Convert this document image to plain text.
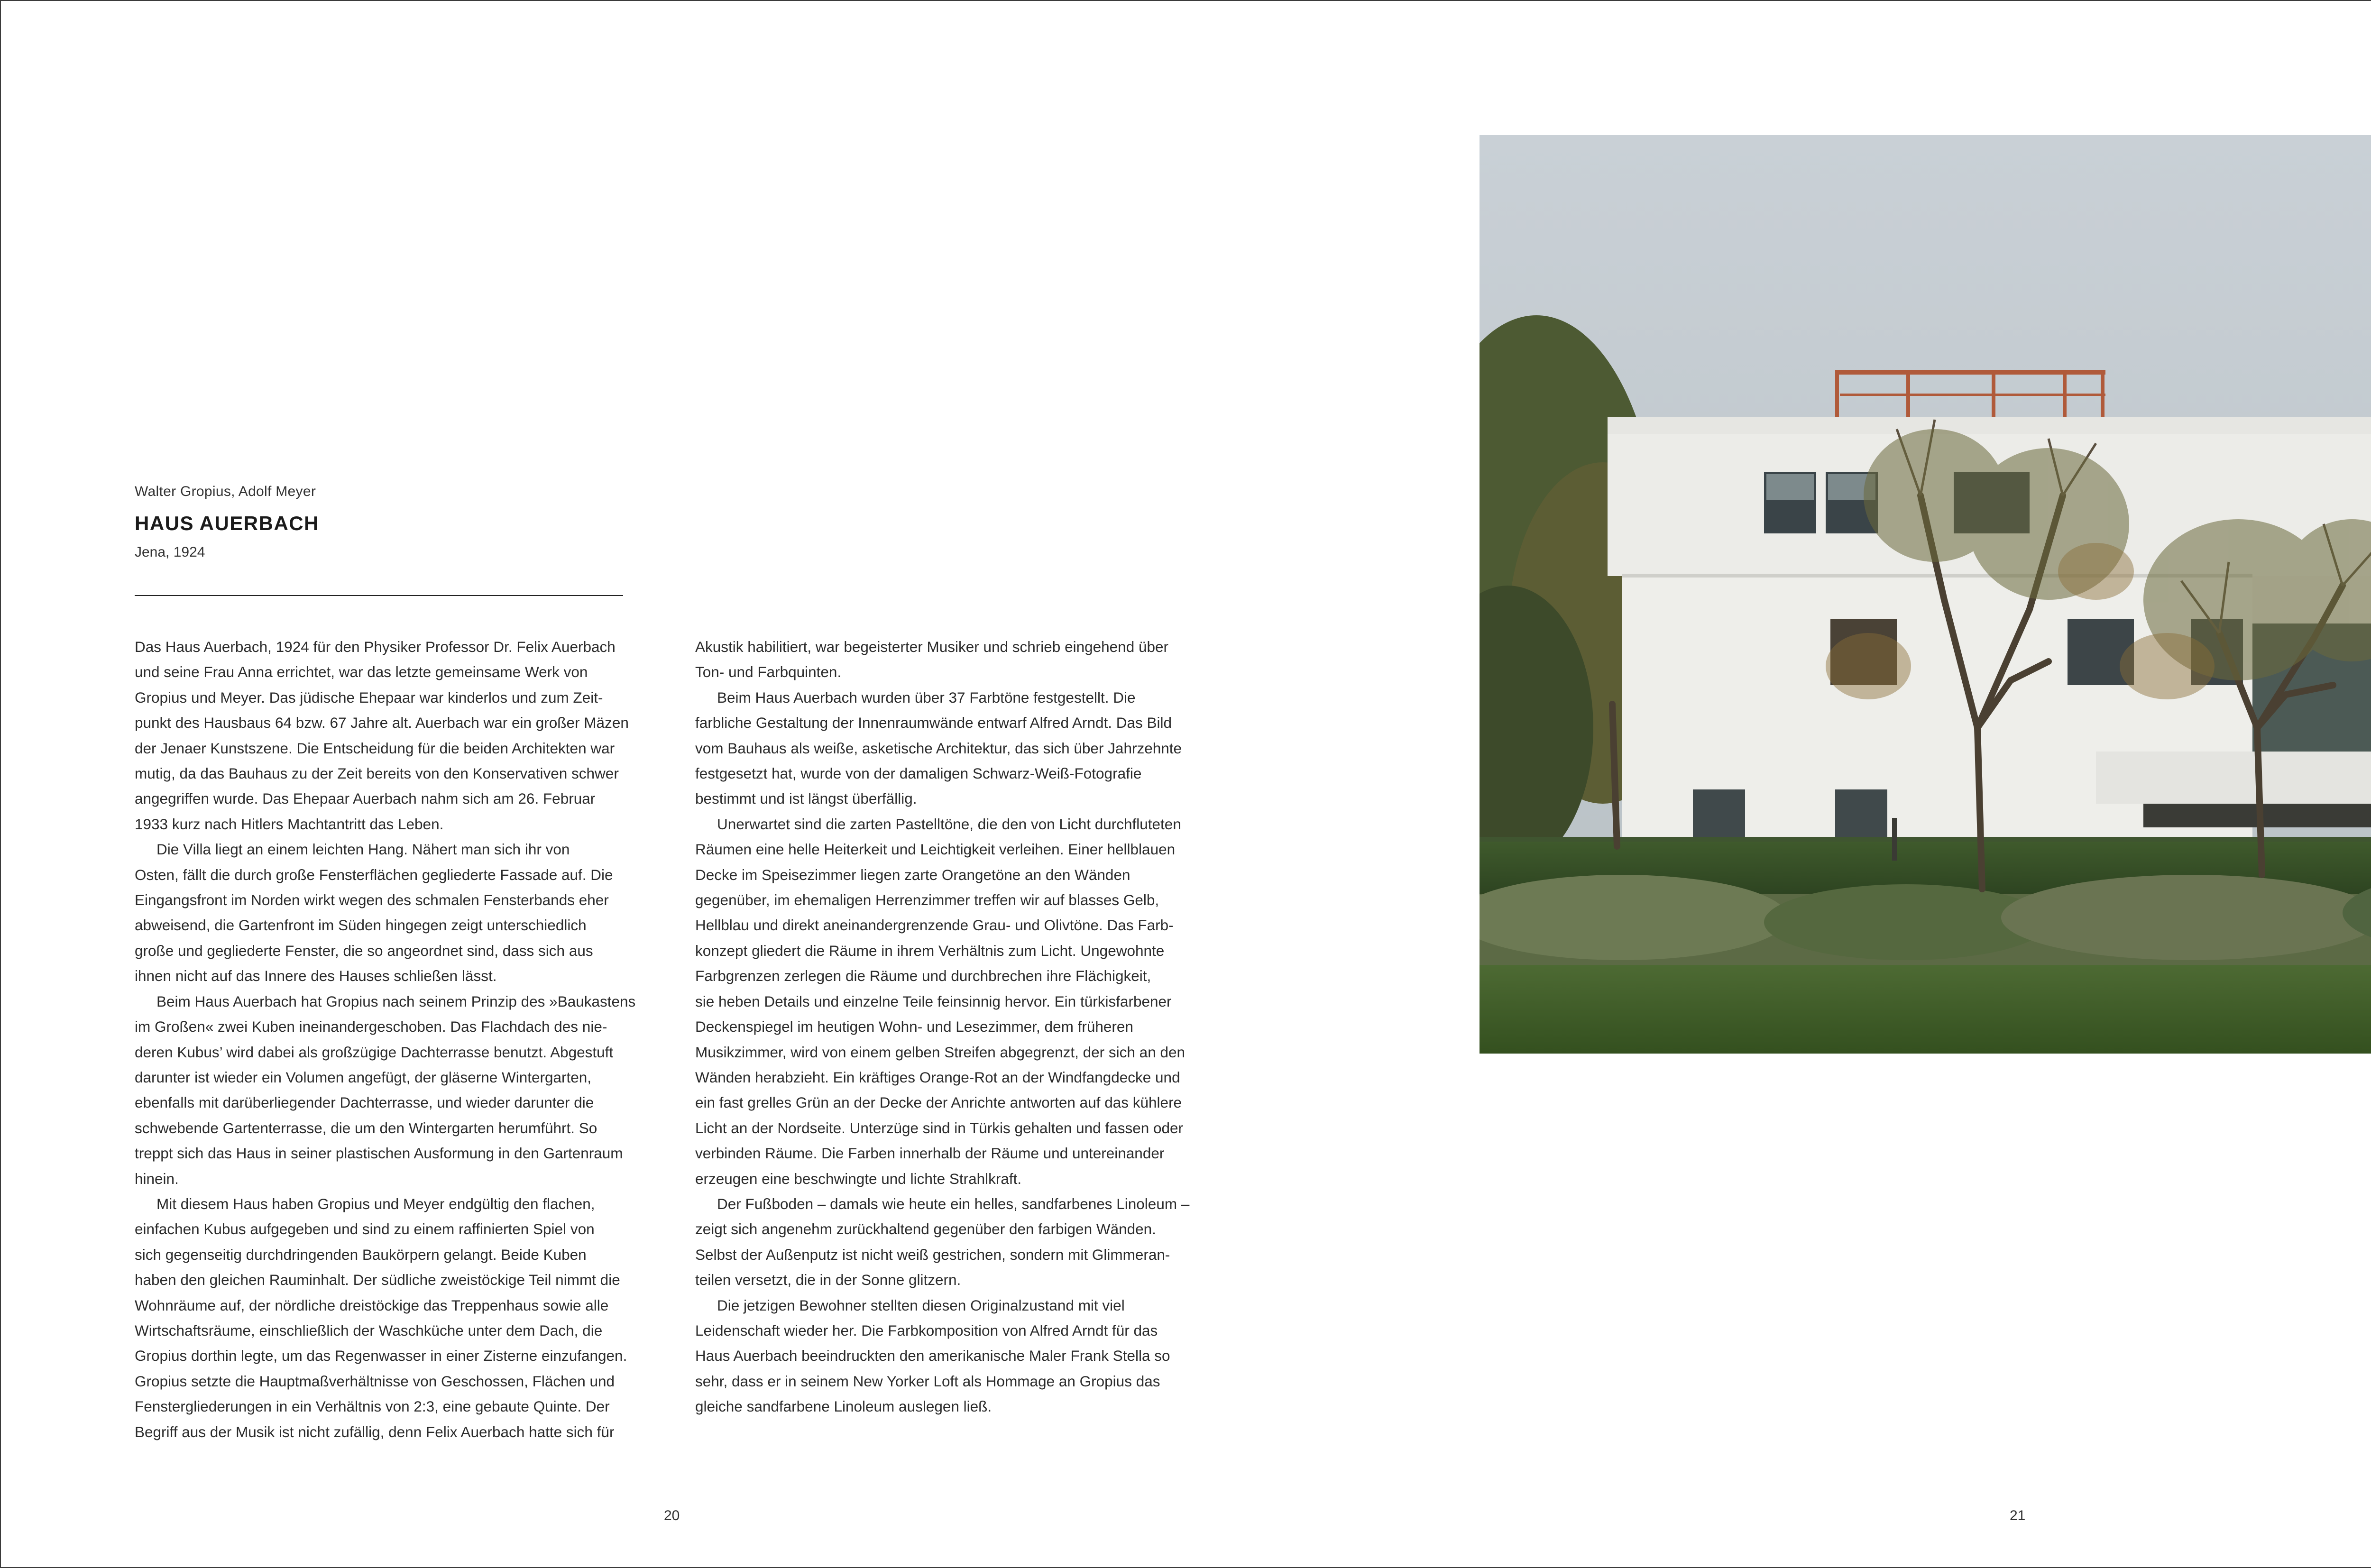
Walter Gropius, Adolf Meyer
HAUS AUERBACH
Jena, 1924

Das Haus Auerbach, 1924 für den Physiker Professor Dr. Felix Auerbach

und seine Frau Anna errichtet, war das letzte gemeinsame Werk von

Gropius und Meyer. Das jüdische Ehepaar war kinderlos und zum Zeit-

punkt des Hausbaus 64 bzw. 67 Jahre alt. Auerbach war ein großer Mäzen

der Jenaer Kunstszene. Die Entscheidung für die beiden Architekten war

mutig, da das Bauhaus zu der Zeit bereits von den Konservativen schwer

angegriffen wurde. Das Ehepaar Auerbach nahm sich am 26. Februar

1933 kurz nach Hitlers Machtantritt das Leben.

Die Villa liegt an einem leichten Hang. Nähert man sich ihr von

Osten, fällt die durch große Fensterflächen gegliederte Fassade auf. Die

Eingangsfront im Norden wirkt wegen des schmalen Fensterbands eher

abweisend, die Gartenfront im Süden hingegen zeigt unterschiedlich

große und gegliederte Fenster, die so angeordnet sind, dass sich aus

ihnen nicht auf das Innere des Hauses schließen lässt.

Beim Haus Auerbach hat Gropius nach seinem Prinzip des »Baukastens

im Großen« zwei Kuben ineinandergeschoben. Das Flachdach des nie-

deren Kubus’ wird dabei als großzügige Dachterrasse benutzt. Abgestuft

darunter ist wieder ein Volumen angefügt, der gläserne Wintergarten,

ebenfalls mit darüberliegender Dachterrasse, und wieder darunter die

schwebende Gartenterrasse, die um den Wintergarten herumführt. So

treppt sich das Haus in seiner plastischen Ausformung in den Gartenraum

hinein.

Mit diesem Haus haben Gropius und Meyer endgültig den flachen,

einfachen Kubus aufgegeben und sind zu einem raffinierten Spiel von

sich gegenseitig durchdringenden Baukörpern gelangt. Beide Kuben

haben den gleichen Rauminhalt. Der südliche zweistöckige Teil nimmt die

Wohnräume auf, der nördliche dreistöckige das Treppenhaus sowie alle

Wirtschaftsräume, einschließlich der Waschküche unter dem Dach, die

Gropius dorthin legte, um das Regenwasser in einer Zisterne einzufangen.

Gropius setzte die Hauptmaßverhältnisse von Geschossen, Flächen und

Fenstergliederungen in ein Verhältnis von 2:3, eine gebaute Quinte. Der

Begriff aus der Musik ist nicht zufällig, denn Felix Auerbach hatte sich für

Akustik habilitiert, war begeisterter Musiker und schrieb eingehend über

Ton- und Farbquinten.

Beim Haus Auerbach wurden über 37 Farbtöne festgestellt. Die

farbliche Gestaltung der Innenraumwände entwarf Alfred Arndt. Das Bild

vom Bauhaus als weiße, asketische Architektur, das sich über Jahrzehnte

festgesetzt hat, wurde von der damaligen Schwarz-Weiß-Fotografie

bestimmt und ist längst überfällig.

Unerwartet sind die zarten Pastelltöne, die den von Licht durchfluteten

Räumen eine helle Heiterkeit und Leichtigkeit verleihen. Einer hellblauen

Decke im Speisezimmer liegen zarte Orangetöne an den Wänden

gegenüber, im ehemaligen Herrenzimmer treffen wir auf blasses Gelb,

Hellblau und direkt aneinandergrenzende Grau- und Olivtöne. Das Farb-

konzept gliedert die Räume in ihrem Verhältnis zum Licht. Ungewohnte

Farbgrenzen zerlegen die Räume und durchbrechen ihre Flächigkeit,

sie heben Details und einzelne Teile feinsinnig hervor. Ein türkisfarbener

Deckenspiegel im heutigen Wohn- und Lesezimmer, dem früheren

Musikzimmer, wird von einem gelben Streifen abgegrenzt, der sich an den

Wänden herabzieht. Ein kräftiges Orange-Rot an der Windfangdecke und

ein fast grelles Grün an der Decke der Anrichte antworten auf das kühlere

Licht an der Nordseite. Unterzüge sind in Türkis gehalten und fassen oder

verbinden Räume. Die Farben innerhalb der Räume und untereinander

erzeugen eine beschwingte und lichte Strahlkraft.

Der Fußboden – damals wie heute ein helles, sandfarbenes Linoleum –

zeigt sich angenehm zurückhaltend gegenüber den farbigen Wänden.

Selbst der Außenputz ist nicht weiß gestrichen, sondern mit Glimmeran-

teilen versetzt, die in der Sonne glitzern.

Die jetzigen Bewohner stellten diesen Originalzustand mit viel

Leidenschaft wieder her. Die Farbkomposition von Alfred Arndt für das

Haus Auerbach beeindruckten den amerikanische Maler Frank Stella so

sehr, dass er in seinem New Yorker Loft als Hommage an Gropius das

gleiche sandfarbene Linoleum auslegen ließ.

20	21
